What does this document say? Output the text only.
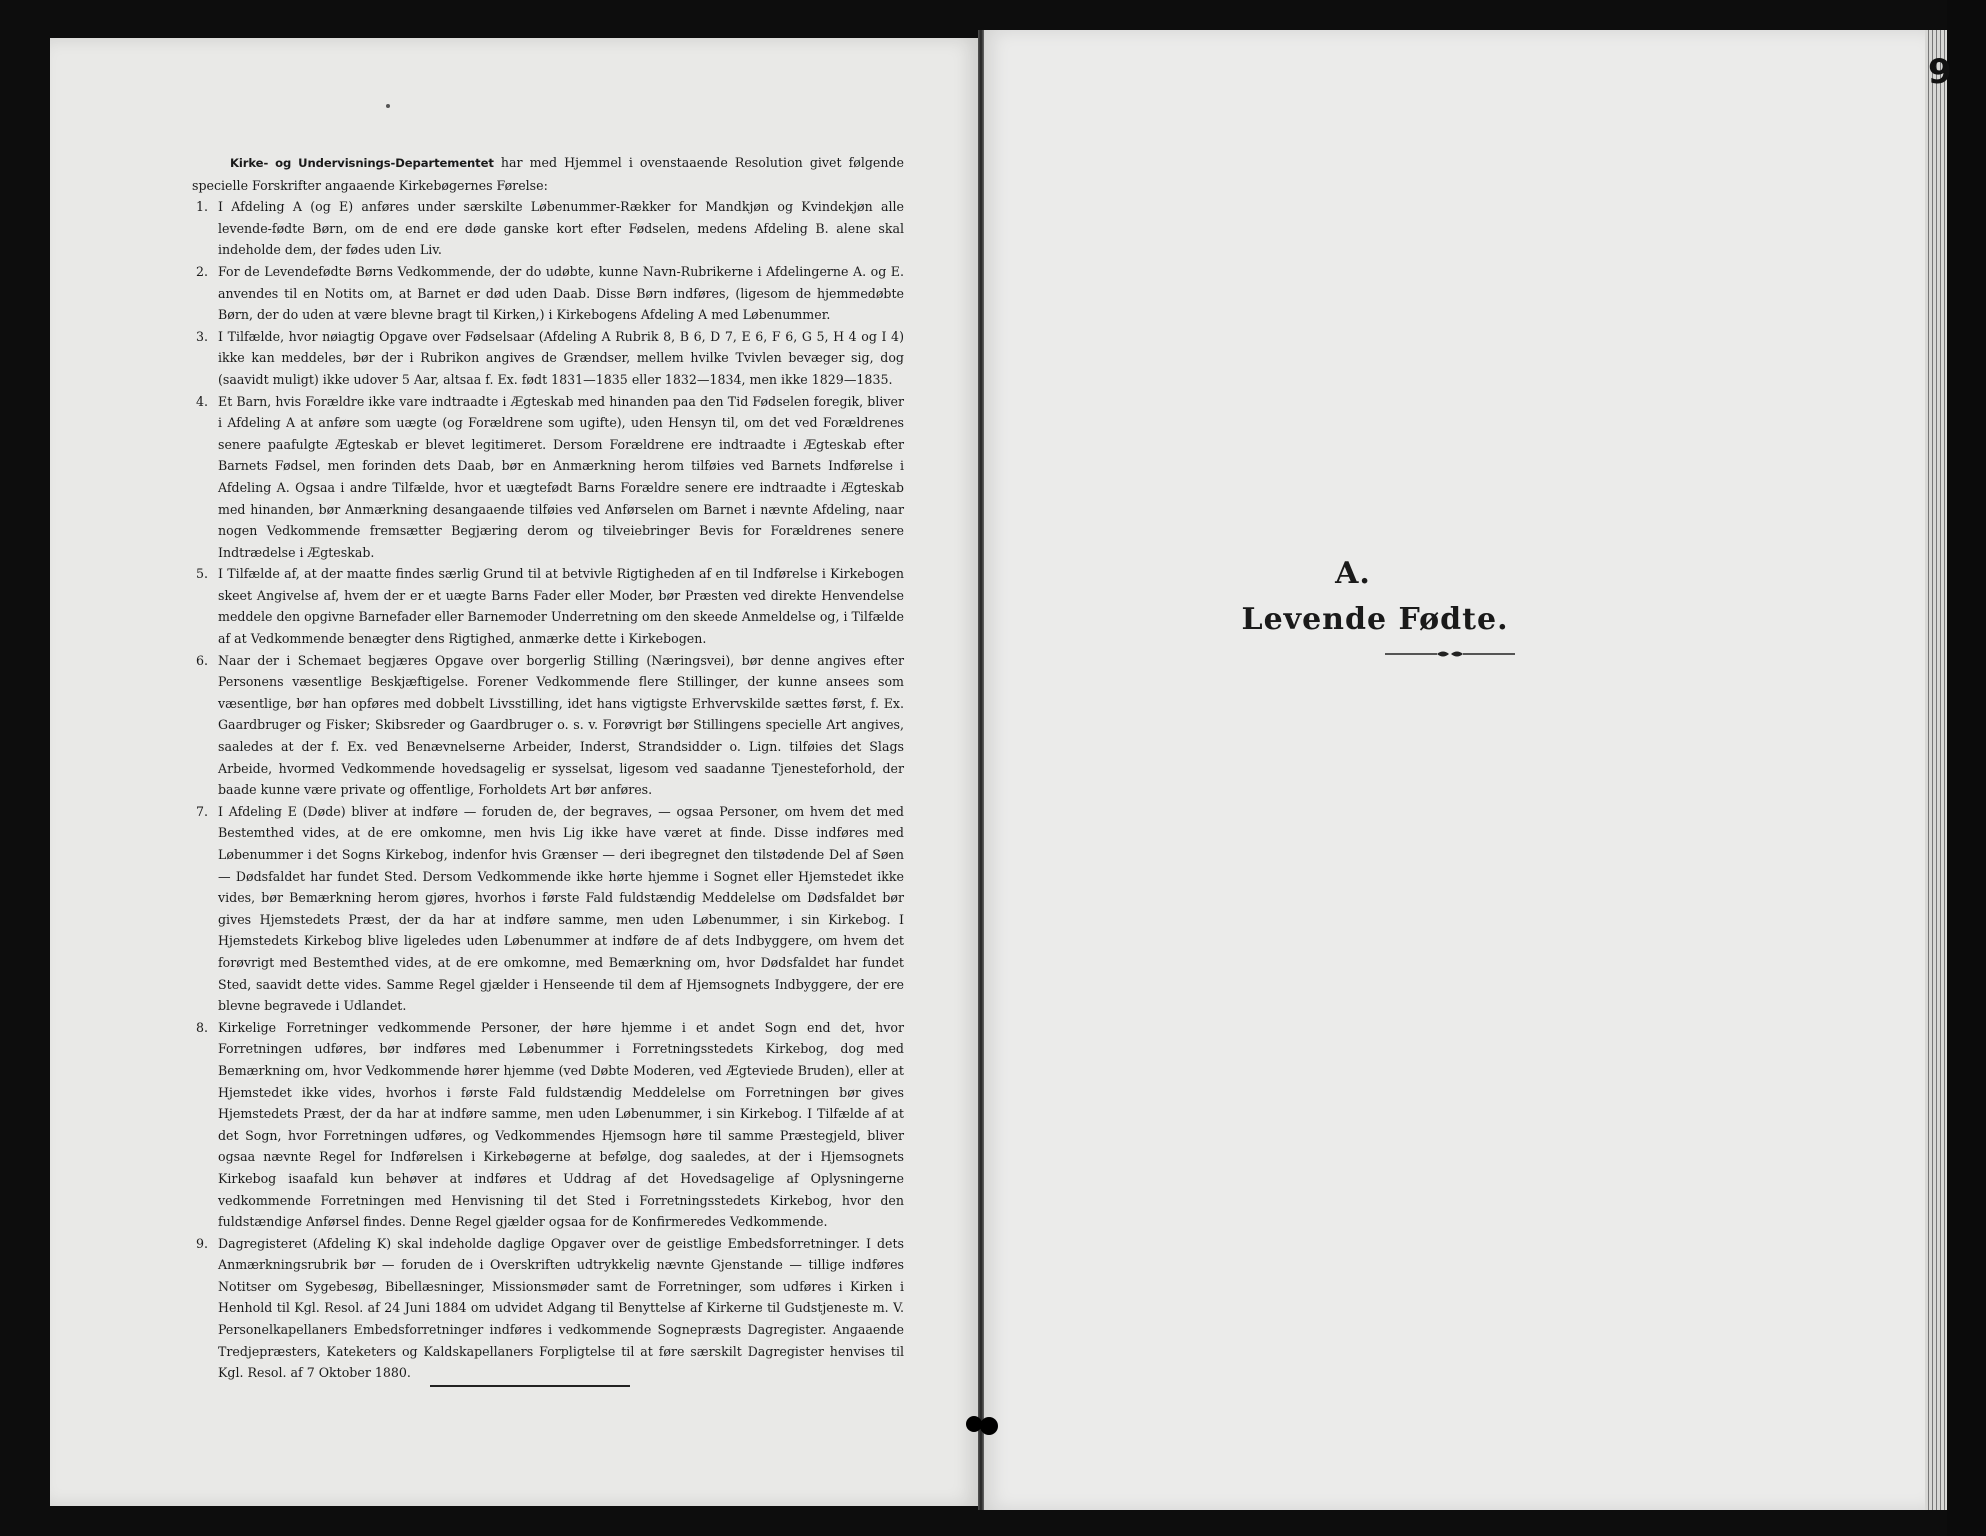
9

Kirke- og Undervisnings-Departementet har med Hjemmel i ovenstaaende Resolution givet følgende specielle Forskrifter angaaende Kirkebøgernes Førelse:

1. I Afdeling A (og E) anføres under særskilte Løbenummer-Rækker for Mandkjøn og Kvindekjøn alle levende-fødte Børn, om de end ere døde ganske kort efter Fødselen, medens Afdeling B. alene skal indeholde dem, der fødes uden Liv.
2. For de Levendefødte Børns Vedkommende, der do udøbte, kunne Navn-Rubrikerne i Afdelingerne A. og E. anvendes til en Notits om, at Barnet er død uden Daab. Disse Børn indføres, (ligesom de hjemmedøbte Børn, der do uden at være blevne bragt til Kirken,) i Kirkebogens Afdeling A med Løbenummer.
3. I Tilfælde, hvor nøiagtig Opgave over Fødselsaar (Afdeling A Rubrik 8, B 6, D 7, E 6, F 6, G 5, H 4 og I 4) ikke kan meddeles, bør der i Rubrikon angives de Grændser, mellem hvilke Tvivlen bevæger sig, dog (saavidt muligt) ikke udover 5 Aar, altsaa f. Ex. født 1831—1835 eller 1832—1834, men ikke 1829—1835.
4. Et Barn, hvis Forældre ikke vare indtraadte i Ægteskab med hinanden paa den Tid Fødselen foregik, bliver i Afdeling A at anføre som uægte (og Forældrene som ugifte), uden Hensyn til, om det ved Forældrenes senere paafulgte Ægteskab er blevet legitimeret. Dersom Forældrene ere indtraadte i Ægteskab efter Barnets Fødsel, men forinden dets Daab, bør en Anmærkning herom tilføies ved Barnets Indførelse i Afdeling A. Ogsaa i andre Tilfælde, hvor et uægtefødt Barns Forældre senere ere indtraadte i Ægteskab med hinanden, bør Anmærkning desangaaende tilføies ved Anførselen om Barnet i nævnte Afdeling, naar nogen Vedkommende fremsætter Begjæring derom og tilveiebringer Bevis for Forældrenes senere Indtrædelse i Ægteskab.
5. I Tilfælde af, at der maatte findes særlig Grund til at betvivle Rigtigheden af en til Indførelse i Kirkebogen skeet Angivelse af, hvem der er et uægte Barns Fader eller Moder, bør Præsten ved direkte Henvendelse meddele den opgivne Barnefader eller Barnemoder Underretning om den skeede Anmeldelse og, i Tilfælde af at Vedkommende benægter dens Rigtighed, anmærke dette i Kirkebogen.
6. Naar der i Schemaet begjæres Opgave over borgerlig Stilling (Næringsvei), bør denne angives efter Personens væsentlige Beskjæftigelse. Forener Vedkommende flere Stillinger, der kunne ansees som væsentlige, bør han opføres med dobbelt Livsstilling, idet hans vigtigste Erhvervskilde sættes først, f. Ex. Gaardbruger og Fisker; Skibsreder og Gaardbruger o. s. v. Forøvrigt bør Stillingens specielle Art angives, saaledes at der f. Ex. ved Benævnelserne Arbeider, Inderst, Strandsidder o. Lign. tilføies det Slags Arbeide, hvormed Vedkommende hovedsagelig er sysselsat, ligesom ved saadanne Tjenesteforhold, der baade kunne være private og offentlige, Forholdets Art bør anføres.
7. I Afdeling E (Døde) bliver at indføre — foruden de, der begraves, — ogsaa Personer, om hvem det med Bestemthed vides, at de ere omkomne, men hvis Lig ikke have været at finde. Disse indføres med Løbenummer i det Sogns Kirkebog, indenfor hvis Grænser — deri ibegregnet den tilstødende Del af Søen — Dødsfaldet har fundet Sted. Dersom Vedkommende ikke hørte hjemme i Sognet eller Hjemstedet ikke vides, bør Bemærkning herom gjøres, hvorhos i første Fald fuldstændig Meddelelse om Dødsfaldet bør gives Hjemstedets Præst, der da har at indføre samme, men uden Løbenummer, i sin Kirkebog. I Hjemstedets Kirkebog blive ligeledes uden Løbenummer at indføre de af dets Indbyggere, om hvem det forøvrigt med Bestemthed vides, at de ere omkomne, med Bemærkning om, hvor Dødsfaldet har fundet Sted, saavidt dette vides. Samme Regel gjælder i Henseende til dem af Hjemsognets Indbyggere, der ere blevne begravede i Udlandet.
8. Kirkelige Forretninger vedkommende Personer, der høre hjemme i et andet Sogn end det, hvor Forretningen udføres, bør indføres med Løbenummer i Forretningsstedets Kirkebog, dog med Bemærkning om, hvor Vedkommende hører hjemme (ved Døbte Moderen, ved Ægteviede Bruden), eller at Hjemstedet ikke vides, hvorhos i første Fald fuldstændig Meddelelse om Forretningen bør gives Hjemstedets Præst, der da har at indføre samme, men uden Løbenummer, i sin Kirkebog. I Tilfælde af at det Sogn, hvor Forretningen udføres, og Vedkommendes Hjemsogn høre til samme Præstegjeld, bliver ogsaa nævnte Regel for Indførelsen i Kirkebøgerne at befølge, dog saaledes, at der i Hjemsognets Kirkebog isaafald kun behøver at indføres et Uddrag af det Hovedsagelige af Oplysningerne vedkommende Forretningen med Henvisning til det Sted i Forretningsstedets Kirkebog, hvor den fuldstændige Anførsel findes. Denne Regel gjælder ogsaa for de Konfirmeredes Vedkommende.
9. Dagregisteret (Afdeling K) skal indeholde daglige Opgaver over de geistlige Embedsforretninger. I dets Anmærkningsrubrik bør — foruden de i Overskriften udtrykkelig nævnte Gjenstande — tillige indføres Notitser om Sygebesøg, Bibellæsninger, Missionsmøder samt de Forretninger, som udføres i Kirken i Henhold til Kgl. Resol. af 24 Juni 1884 om udvidet Adgang til Benyttelse af Kirkerne til Gudstjeneste m. V. Personelkapellaners Embedsforretninger indføres i vedkommende Sognepræsts Dagregister. Angaaende Tredjepræsters, Kateketers og Kaldskapellaners Forpligtelse til at føre særskilt Dagregister henvises til Kgl. Resol. af 7 Oktober 1880.
A.
Levende Fødte.
